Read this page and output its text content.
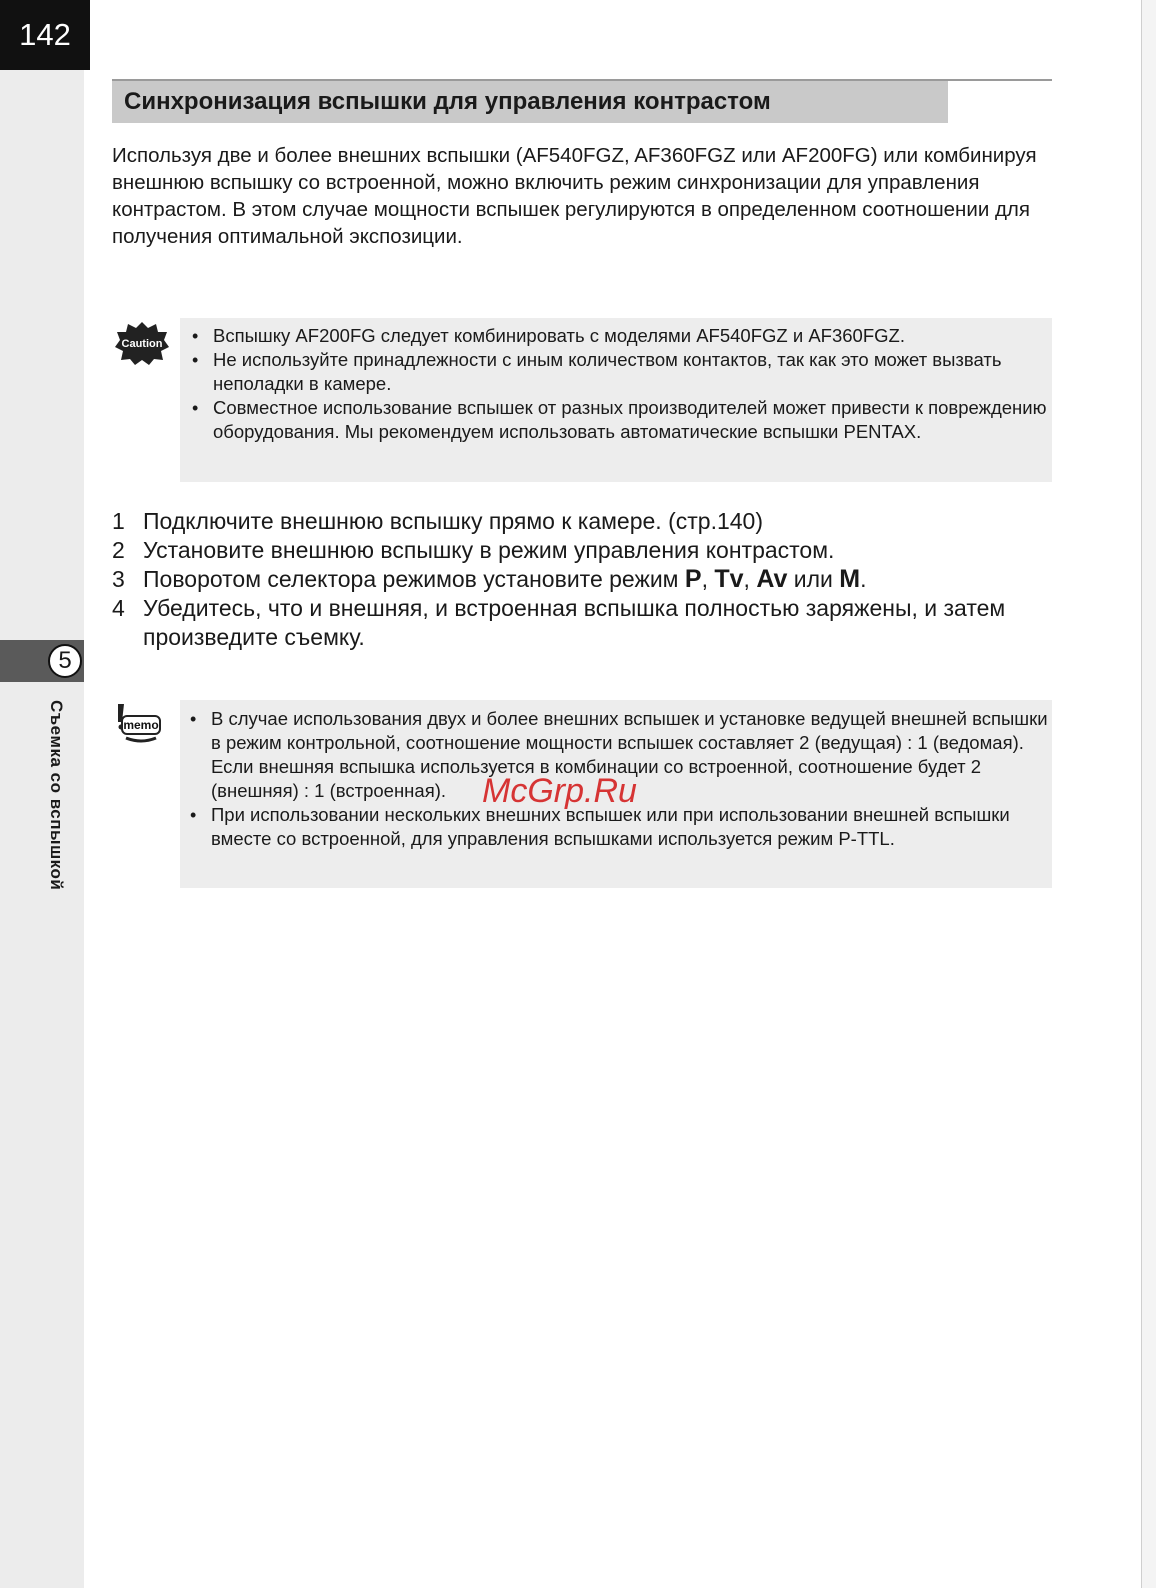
142
5
Съемка со вспышкой
Синхронизация вспышки для управления контрастом

Используя две и более внешних вспышки (AF540FGZ, AF360FGZ или AF200FG) или комбинируя внешнюю вспышку со встроенной, можно включить режим синхронизации для управления контрастом. В этом случае мощности вспышек регулируются в определенном соотношении для получения оптимальной экспозиции.

Caution	• Вспышку AF200FG следует комбинировать с моделями AF540FGZ и AF360FGZ.
• Не используйте принадлежности с иным количеством контактов, так как это может вызвать неполадки в камере.
• Совместное использование вспышек от разных производителей может привести к повреждению оборудования. Мы рекомендуем использовать автоматические вспышки PENTAX.
1 Подключите внешнюю вспышку прямо к камере. (стр.140)
2 Установите внешнюю вспышку в режим управления контрастом.
3 Поворотом селектора режимов установите режим P, Tv, Av или M.
4 Убедитесь, что и внешняя, и встроенная вспышка полностью заряжены, и затем произведите съемку.
memo	• В случае использования двух и более внешних вспышек и установке ведущей внешней вспышки в режим контрольной, соотношение мощности вспышек составляет 2 (ведущая) : 1 (ведомая). Если внешняя вспышка используется в комбинации со встроенной, соотношение будет 2 (внешняя) : 1 (встроенная).
• При использовании нескольких внешних вспышек или при использовании внешней вспышки вместе со встроенной, для управления вспышками используется режим P-TTL.
McGrp.Ru
